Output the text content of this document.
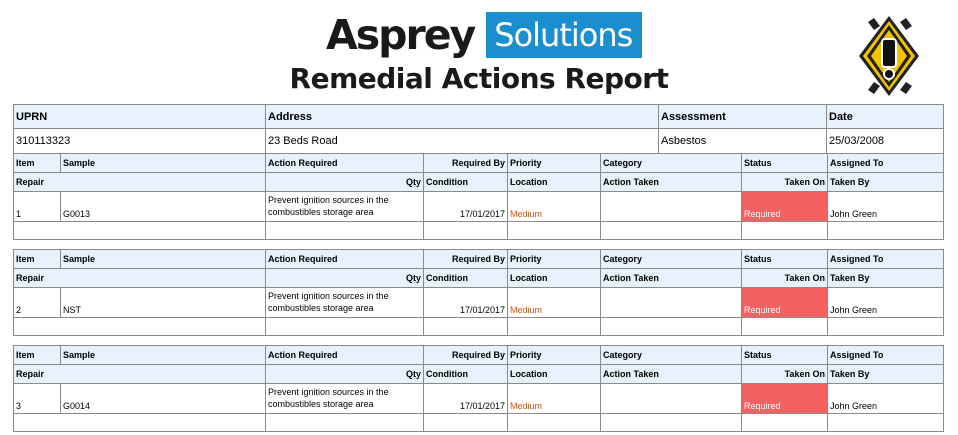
Asprey Solutions
Remedial Actions Report
UPRN	Address	Assessment	Date
310113323	23 Beds Road	Asbestos	25/03/2008
Item	Sample	Action Required	Required By	Priority	Category	Status	Assigned To
Repair		Qty	Condition	Location	Action Taken	Taken On	Taken By
1	G0013	Prevent ignition sources in the combustibles storage area	17/01/2017	Medium		Required	John Green

Item	Sample	Action Required	Required By	Priority	Category	Status	Assigned To
Repair		Qty	Condition	Location	Action Taken	Taken On	Taken By
2	NST	Prevent ignition sources in the combustibles storage area	17/01/2017	Medium		Required	John Green

Item	Sample	Action Required	Required By	Priority	Category	Status	Assigned To
Repair		Qty	Condition	Location	Action Taken	Taken On	Taken By
3	G0014	Prevent ignition sources in the combustibles storage area	17/01/2017	Medium		Required	John Green
